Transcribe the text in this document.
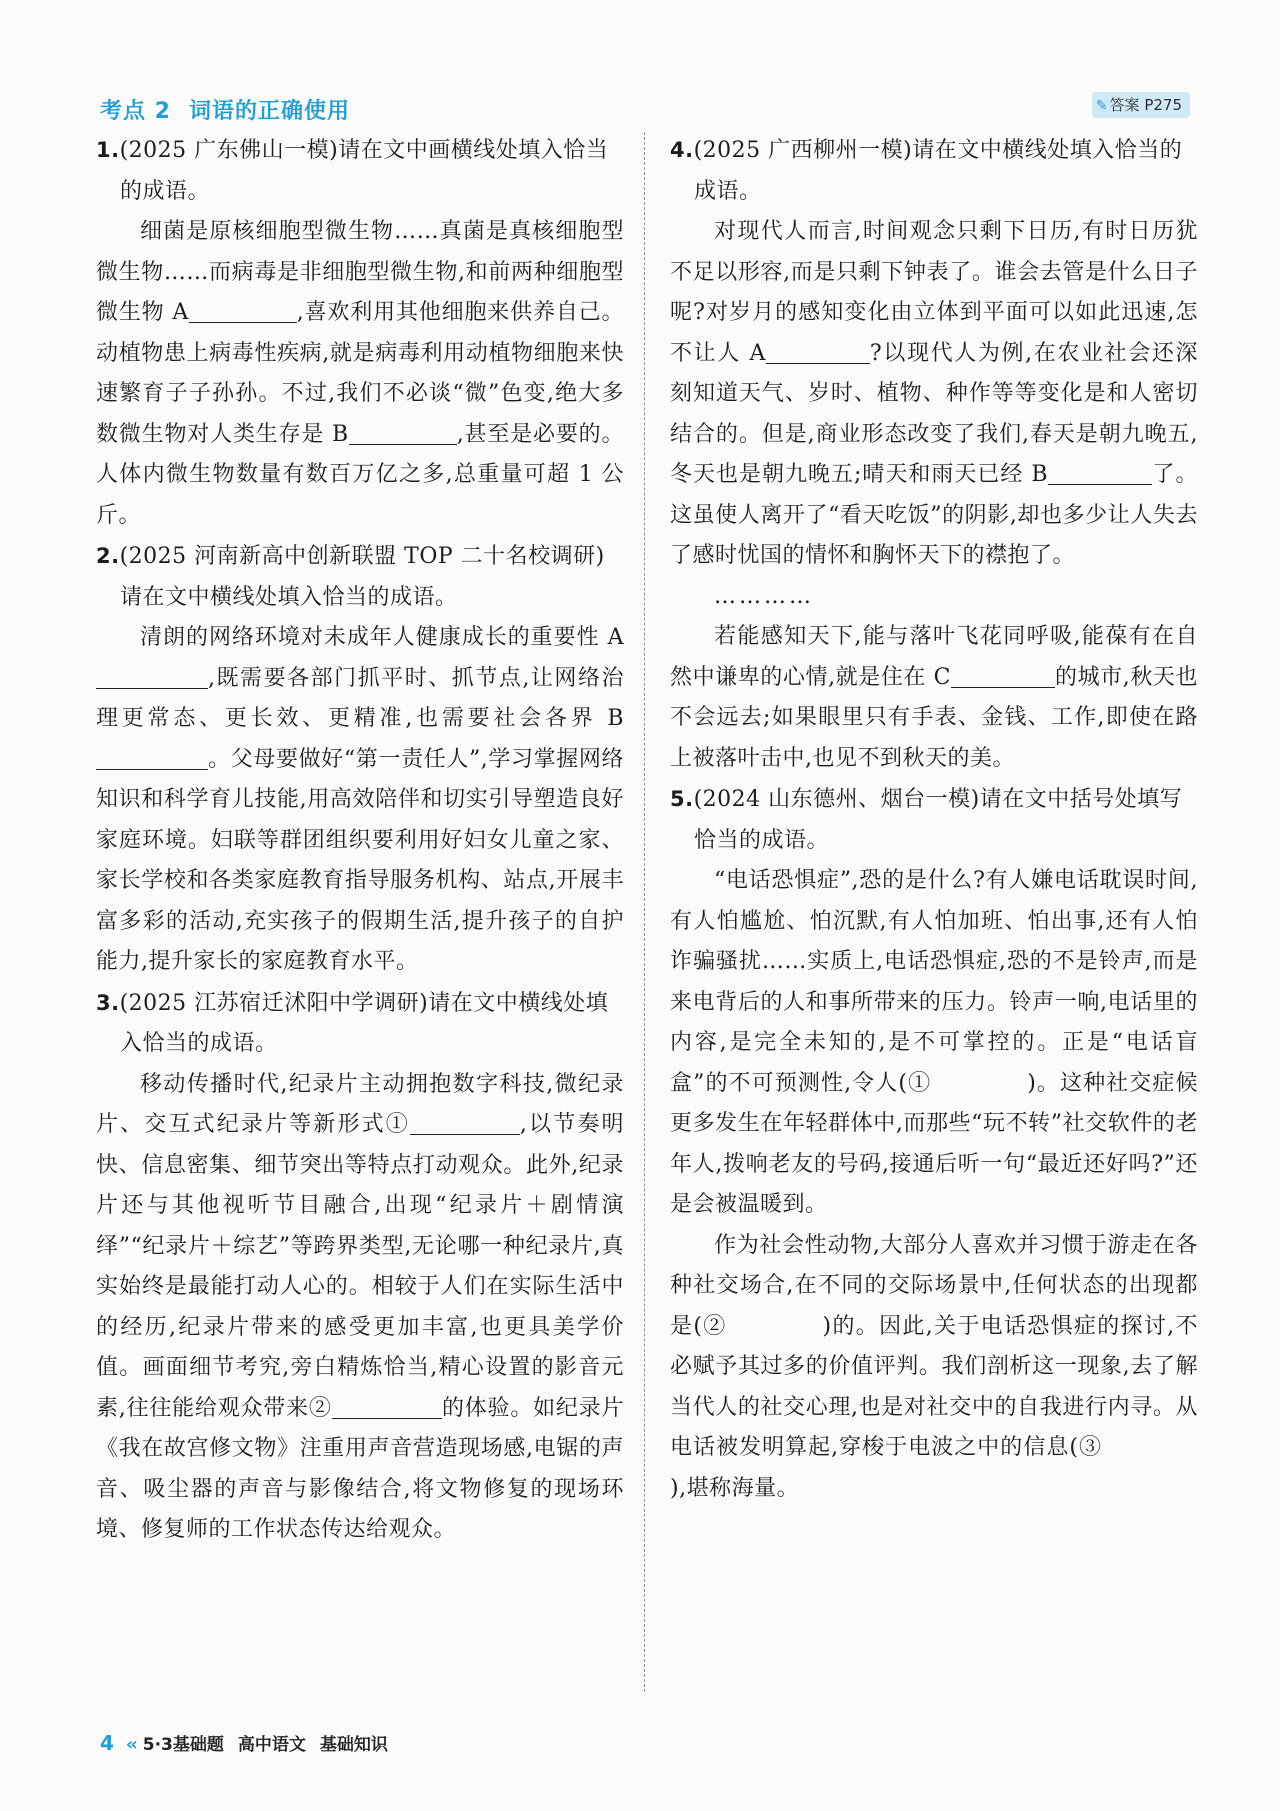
考点 2 词语的正确使用	✎ 答案 P275

1.(2025 广东佛山一模)请在文中画横线处填入恰当的成语。

细菌是原核细胞型微生物……真菌是真核细胞型微生物……而病毒是非细胞型微生物,和前两种细胞型微生物 A	,喜欢利用其他细胞来供养自己。动植物患上病毒性疾病,就是病毒利用动植物细胞来快速繁育子子孙孙。不过,我们不必谈“微”色变,绝大多数微生物对人类生存是 B	,甚至是必要的。人体内微生物数量有数百万亿之多,总重量可超 1 公斤。

2.(2025 河南新高中创新联盟 TOP 二十名校调研)请在文中横线处填入恰当的成语。

清朗的网络环境对未成年人健康成长的重要性 A,既需要各部门抓平时、抓节点,让网络治理更常态、更长效、更精准,也需要社会各界 B。父母要做好“第一责任人”,学习掌握网络知识和科学育儿技能,用高效陪伴和切实引导塑造良好家庭环境。妇联等群团组织要利用好妇女儿童之家、家长学校和各类家庭教育指导服务机构、站点,开展丰富多彩的活动,充实孩子的假期生活,提升孩子的自护能力,提升家长的家庭教育水平。

3.(2025 江苏宿迁沭阳中学调研)请在文中横线处填入恰当的成语。

移动传播时代,纪录片主动拥抱数字科技,微纪录片、交互式纪录片等新形式①	,以节奏明快、信息密集、细节突出等特点打动观众。此外,纪录片还与其他视听节目融合,出现“纪录片＋剧情演绎”“纪录片＋综艺”等跨界类型,无论哪一种纪录片,真实始终是最能打动人心的。相较于人们在实际生活中的经历,纪录片带来的感受更加丰富,也更具美学价值。画面细节考究,旁白精炼恰当,精心设置的影音元素,往往能给观众带来②	的体验。如纪录片《我在故宫修文物》注重用声音营造现场感,电锯的声音、吸尘器的声音与影像结合,将文物修复的现场环境、修复师的工作状态传达给观众。

4.(2025 广西柳州一模)请在文中横线处填入恰当的成语。

对现代人而言,时间观念只剩下日历,有时日历犹不足以形容,而是只剩下钟表了。谁会去管是什么日子呢?对岁月的感知变化由立体到平面可以如此迅速,怎不让人 A	?以现代人为例,在农业社会还深刻知道天气、岁时、植物、种作等等变化是和人密切结合的。但是,商业形态改变了我们,春天是朝九晚五,冬天也是朝九晚五;晴天和雨天已经 B	了。这虽使人离开了“看天吃饭”的阴影,却也多少让人失去了感时忧国的情怀和胸怀天下的襟抱了。

…………

若能感知天下,能与落叶飞花同呼吸,能葆有在自然中谦卑的心情,就是住在 C	的城市,秋天也不会远去;如果眼里只有手表、金钱、工作,即使在路上被落叶击中,也见不到秋天的美。

5.(2024 山东德州、烟台一模)请在文中括号处填写恰当的成语。

“电话恐惧症”,恐的是什么?有人嫌电话耽误时间,有人怕尴尬、怕沉默,有人怕加班、怕出事,还有人怕诈骗骚扰……实质上,电话恐惧症,恐的不是铃声,而是来电背后的人和事所带来的压力。铃声一响,电话里的内容,是完全未知的,是不可掌控的。正是“电话盲盒”的不可预测性,令人(①	)。这种社交症候更多发生在年轻群体中,而那些“玩不转”社交软件的老年人,拨响老友的号码,接通后听一句“最近还好吗?”还是会被温暖到。

作为社会性动物,大部分人喜欢并习惯于游走在各种社交场合,在不同的交际场景中,任何状态的出现都是(②	)的。因此,关于电话恐惧症的探讨,不必赋予其过多的价值评判。我们剖析这一现象,去了解当代人的社交心理,也是对社交中的自我进行内寻。从电话被发明算起,穿梭于电波之中的信息(③),堪称海量。

4 ‹‹ 5·3基础题 高中语文 基础知识
